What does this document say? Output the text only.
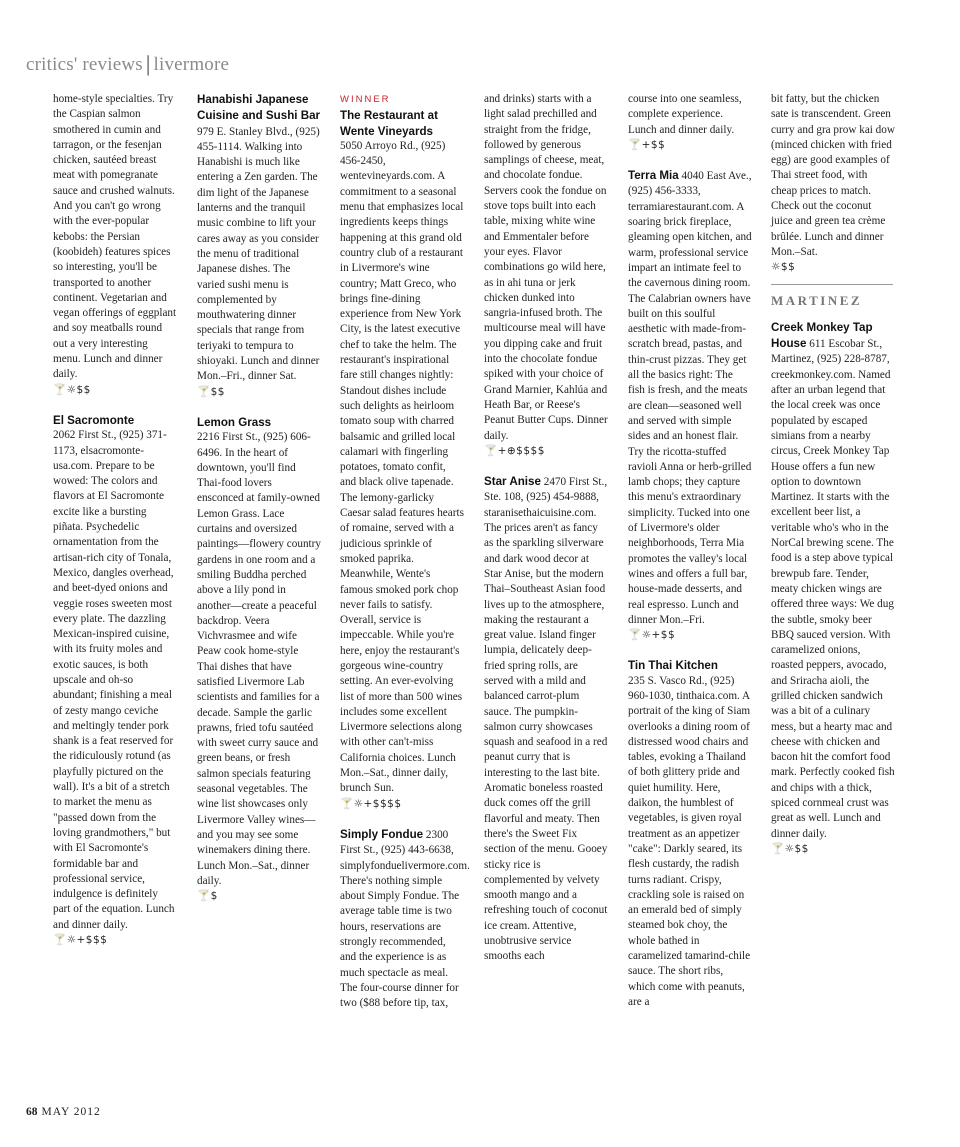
critics' reviews | livermore

home-style specialties. Try the Caspian salmon smothered in cumin and tarragon, or the fesenjan chicken, sautéed breast meat with pomegranate sauce and crushed walnuts. And you can't go wrong with the ever-popular kebobs: the Persian (koobideh) features spices so interesting, you'll be transported to another continent. Vegetarian and vegan offerings of eggplant and soy meatballs round out a very interesting menu. Lunch and dinner daily.

🍸☼$$

El Sacromonte

2062 First St., (925) 371-1173, elsacromonte-usa.com. Prepare to be wowed: The colors and flavors at El Sacromonte excite like a bursting piñata. Psychedelic ornamentation from the artisan-rich city of Tonala, Mexico, dangles overhead, and beet-dyed onions and veggie roses sweeten most every plate. The dazzling Mexican-inspired cuisine, with its fruity moles and exotic sauces, is both upscale and oh-so abundant; finishing a meal of zesty mango ceviche and meltingly tender pork shank is a feat reserved for the ridiculously rotund (as playfully pictured on the wall). It's a bit of a stretch to market the menu as "passed down from the loving grandmothers," but with El Sacromonte's formidable bar and professional service, indulgence is definitely part of the equation. Lunch and dinner daily.

🍸☼+$$$

Hanabishi Japanese Cuisine and Sushi Bar 979 E. Stanley Blvd., (925) 455-1114. Walking into Hanabishi is much like entering a Zen garden. The dim light of the Japanese lanterns and the tranquil music combine to lift your cares away as you consider the menu of traditional Japanese dishes. The varied sushi menu is complemented by mouthwatering dinner specials that range from teriyaki to tempura to shioyaki. Lunch and dinner Mon.–Fri., dinner Sat.

🍸$$

Lemon Grass

2216 First St., (925) 606-6496. In the heart of downtown, you'll find Thai-food lovers ensconced at family-owned Lemon Grass. Lace curtains and oversized paintings—flowery country gardens in one room and a smiling Buddha perched above a lily pond in another—create a peaceful backdrop. Veera Vichvrasmee and wife Peaw cook home-style Thai dishes that have satisfied Livermore Lab scientists and families for a decade. Sample the garlic prawns, fried tofu sautéed with sweet curry sauce and green beans, or fresh salmon specials featuring seasonal vegetables. The wine list showcases only Livermore Valley wines—and you may see some winemakers dining there. Lunch Mon.–Sat., dinner daily.

🍸$

WINNER

The Restaurant at Wente Vineyards

5050 Arroyo Rd., (925) 456-2450, wentevineyards.com. A commitment to a seasonal menu that emphasizes local ingredients keeps things happening at this grand old country club of a restaurant in Livermore's wine country; Matt Greco, who brings fine-dining experience from New York City, is the latest executive chef to take the helm. The restaurant's inspirational fare still changes nightly: Standout dishes include such delights as heirloom tomato soup with charred balsamic and grilled local calamari with fingerling potatoes, tomato confit, and black olive tapenade. The lemony-garlicky Caesar salad features hearts of romaine, served with a judicious sprinkle of smoked paprika. Meanwhile, Wente's famous smoked pork chop never fails to satisfy. Overall, service is impeccable. While you're here, enjoy the restaurant's gorgeous wine-country setting. An ever-evolving list of more than 500 wines includes some excellent Livermore selections along with other can't-miss California choices. Lunch Mon.–Sat., dinner daily, brunch Sun.

🍸☼+$$$$

Simply Fondue 2300 First St., (925) 443-6638, simplyfonduelivermore.com. There's nothing simple about Simply Fondue. The average table time is two hours, reservations are strongly recommended, and the experience is as much spectacle as meal. The four-course dinner for two ($88 before tip, tax,

and drinks) starts with a light salad prechilled and straight from the fridge, followed by generous samplings of cheese, meat, and chocolate fondue. Servers cook the fondue on stove tops built into each table, mixing white wine and Emmentaler before your eyes. Flavor combinations go wild here, as in ahi tuna or jerk chicken dunked into sangria-infused broth. The multicourse meal will have you dipping cake and fruit into the chocolate fondue spiked with your choice of Grand Marnier, Kahlúa and Heath Bar, or Reese's Peanut Butter Cups. Dinner daily.

🍸+⊕$$$$

Star Anise 2470 First St., Ste. 108, (925) 454-9888, staranisethaicuisine.com. The prices aren't as fancy as the sparkling silverware and dark wood decor at Star Anise, but the modern Thai–Southeast Asian food lives up to the atmosphere, making the restaurant a great value. Island finger lumpia, delicately deep-fried spring rolls, are served with a mild and balanced carrot-plum sauce. The pumpkin-salmon curry showcases squash and seafood in a red peanut curry that is interesting to the last bite. Aromatic boneless roasted duck comes off the grill flavorful and meaty. Then there's the Sweet Fix section of the menu. Gooey sticky rice is complemented by velvety smooth mango and a refreshing touch of coconut ice cream. Attentive, unobtrusive service smooths each

course into one seamless, complete experience. Lunch and dinner daily.

🍸+$$

Terra Mia 4040 East Ave., (925) 456-3333, terramiarestaurant.com. A soaring brick fireplace, gleaming open kitchen, and warm, professional service impart an intimate feel to the cavernous dining room. The Calabrian owners have built on this soulful aesthetic with made-from-scratch bread, pastas, and thin-crust pizzas. They get all the basics right: The fish is fresh, and the meats are clean—seasoned well and served with simple sides and an honest flair. Try the ricotta-stuffed ravioli Anna or herb-grilled lamb chops; they capture this menu's extraordinary simplicity. Tucked into one of Livermore's older neighborhoods, Terra Mia promotes the valley's local wines and offers a full bar, house-made desserts, and real espresso. Lunch and dinner Mon.–Fri.

🍸☼+$$

Tin Thai Kitchen

235 S. Vasco Rd., (925) 960-1030, tinthaica.com. A portrait of the king of Siam overlooks a dining room of distressed wood chairs and tables, evoking a Thailand of both glittery pride and quiet humility. Here, daikon, the humblest of vegetables, is given royal treatment as an appetizer "cake": Darkly seared, its flesh custardy, the radish turns radiant. Crispy, crackling sole is raised on an emerald bed of simply steamed bok choy, the whole bathed in caramelized tamarind-chile sauce. The short ribs, which come with peanuts, are a

bit fatty, but the chicken sate is transcendent. Green curry and gra prow kai dow (minced chicken with fried egg) are good examples of Thai street food, with cheap prices to match. Check out the coconut juice and green tea crème brûlée. Lunch and dinner Mon.–Sat.

☼$$

MARTINEZ

Creek Monkey Tap House 611 Escobar St., Martinez, (925) 228-8787, creekmonkey.com. Named after an urban legend that the local creek was once populated by escaped simians from a nearby circus, Creek Monkey Tap House offers a fun new option to downtown Martinez. It starts with the excellent beer list, a veritable who's who in the NorCal brewing scene. The food is a step above typical brewpub fare. Tender, meaty chicken wings are offered three ways: We dug the subtle, smoky beer BBQ sauced version. With caramelized onions, roasted peppers, avocado, and Sriracha aioli, the grilled chicken sandwich was a bit of a culinary mess, but a hearty mac and cheese with chicken and bacon hit the comfort food mark. Perfectly cooked fish and chips with a thick, spiced cornmeal crust was great as well. Lunch and dinner daily.

🍸☼$$

68 MAY 2012
